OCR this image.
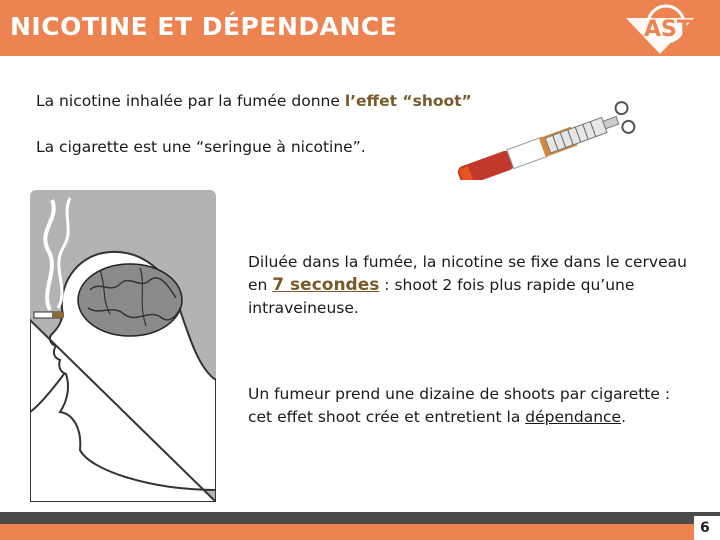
NICOTINE ET DÉPENDANCE	AST
La nicotine inhalée par la fumée donne l’effet “shoot”
La cigarette est une “seringue à nicotine”.
Diluée dans la fumée, la nicotine se fixe dans le cerveau en 7 secondes : shoot 2 fois plus rapide qu’une intraveineuse.
Un fumeur prend une dizaine de shoots par cigarette : cet effet shoot crée et entretient la dépendance.
6
